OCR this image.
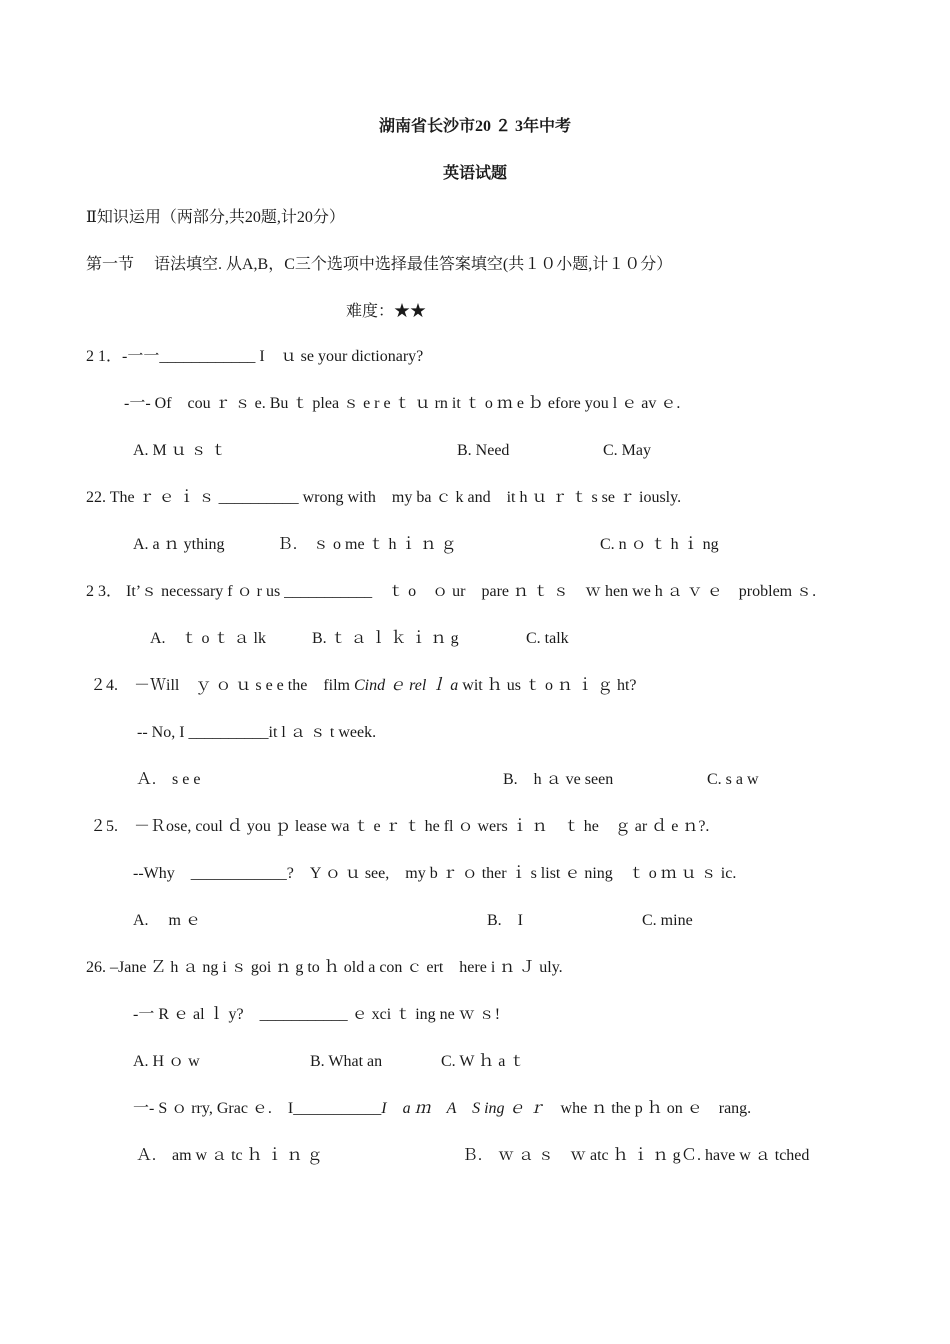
湖南省长沙市20 ２ 3年中考
英语试题
Ⅱ知识运用（两部分,共20题,计20分）
第一节　 语法填空. 从A,B，C三个选项中选择最佳答案填空(共１０小题,计１０分）
难度：★★
2 1．-一一____________ I　ｕ se your dictionary?
-一- Of　cou ｒ ｓ e. Bu ｔ plea ｓ e r e ｔ ｕ rn it ｔ o ｍ e ｂ efore you l ｅ av ｅ.
A. M ｕ ｓ ｔ	B. Need	C. May
22. The ｒ ｅ ｉ ｓ __________ wrong with　my ba ｃ k and　it h ｕ ｒ ｔ s se ｒ iously.
A. a ｎ ything	Ｂ.　ｓ o me ｔ h ｉ ｎ ｇ	C. n ｏ ｔ h ｉ ng
2 3． It’ｓ necessary f ｏ r us ___________　ｔ o　ｏ ur　pare ｎ ｔ ｓ　ｗ hen we h ａ ｖ ｅ　problem ｓ.
A.　ｔ o ｔ ａ lk	B. ｔ ａ ｌ ｋ ｉ ｎ g	C. talk
２4.　－Ｗill　ｙ ｏ ｕ s e e the　film Cind ｅ rel ｌ a wit ｈ us ｔ o ｎ ｉ ｇ ht?
-- No, I __________it l ａ ｓ t week.
Ａ.　s e e	B.　h ａ ve seen	C. s a w
２5.　－Ｒose, coul ｄ you ｐ lease wa ｔ e ｒ ｔ he fl ｏ wers ｉ ｎ　ｔ he　ｇ ar ｄ e ｎ?.
--Why　____________?　Y ｏ ｕ see,　my b ｒ ｏ ther ｉ s list ｅ ning　ｔ o ｍ ｕ ｓ ic.
A.　 m ｅ	B.　I	C. mine
26. –Jane Ｚ h ａ ng i ｓ goi ｎ g to ｈ old a con ｃ ert　here i ｎ Ｊ uly.
-一 R ｅ al ｌ y?　___________ ｅ xci ｔ ing ne ｗ ｓ!
A. H ｏ w	B. What an	C. W ｈ a ｔ
一- S ｏ rry, Grac ｅ.　I___________I　a ｍ　A　S ing ｅ ｒ　whe ｎ the p ｈ on ｅ　rang.
Ａ.　am w ａ tc ｈ ｉ ｎ ｇ	Ｂ.　ｗ ａ ｓ　ｗ atc ｈ ｉ ｎ g Ｃ. have w ａ tched
